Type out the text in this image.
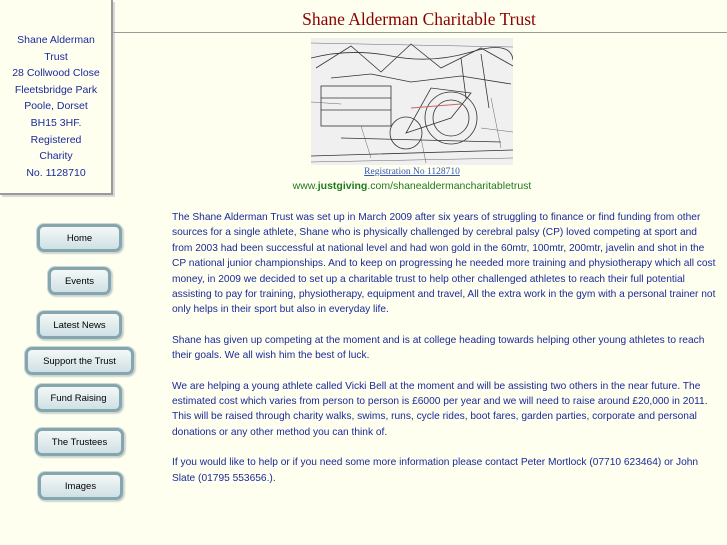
Shane Alderman
Trust
28 Collwood Close
Fleetsbridge Park
Poole, Dorset
BH15 3HF.
Registered
Charity
No. 1128710
Shane Alderman Charitable Trust
Registration No 1128710
www.justgiving.com/shanealdermancharitabletrust
Home
Events
Latest News
Support the Trust
Fund Raising
The Trustees
Images

The Shane Alderman Trust was set up in March 2009 after six years of struggling to finance or find funding from other sources for a single athlete, Shane who is physically challenged by cerebral palsy (CP) loved competing at sport and from 2003 had been successful at national level and had won gold in the 60mtr, 100mtr, 200mtr, javelin and shot in the CP national junior championships. And to keep on progressing he needed more training and physiotherapy which all cost money, in 2009 we decided to set up a charitable trust to help other challenged athletes to reach their full potential assisting to pay for training, physiotherapy, equipment and travel, All the extra work in the gym with a personal trainer not only helps in their sport but also in everyday life.

Shane has given up competing at the moment and is at college heading towards helping other young athletes to reach their goals. We all wish him the best of luck.

We are helping a young athlete called Vicki Bell at the moment and will be assisting two others in the near future. The estimated cost which varies from person to person is £6000 per year and we will need to raise around £20,000 in 2011. This will be raised through charity walks, swims, runs, cycle rides, boot fares, garden parties, corporate and personal donations or any other method you can think of.

If you would like to help or if you need some more information please contact Peter Mortlock (07710 623464) or John Slate (01795 553656.).
